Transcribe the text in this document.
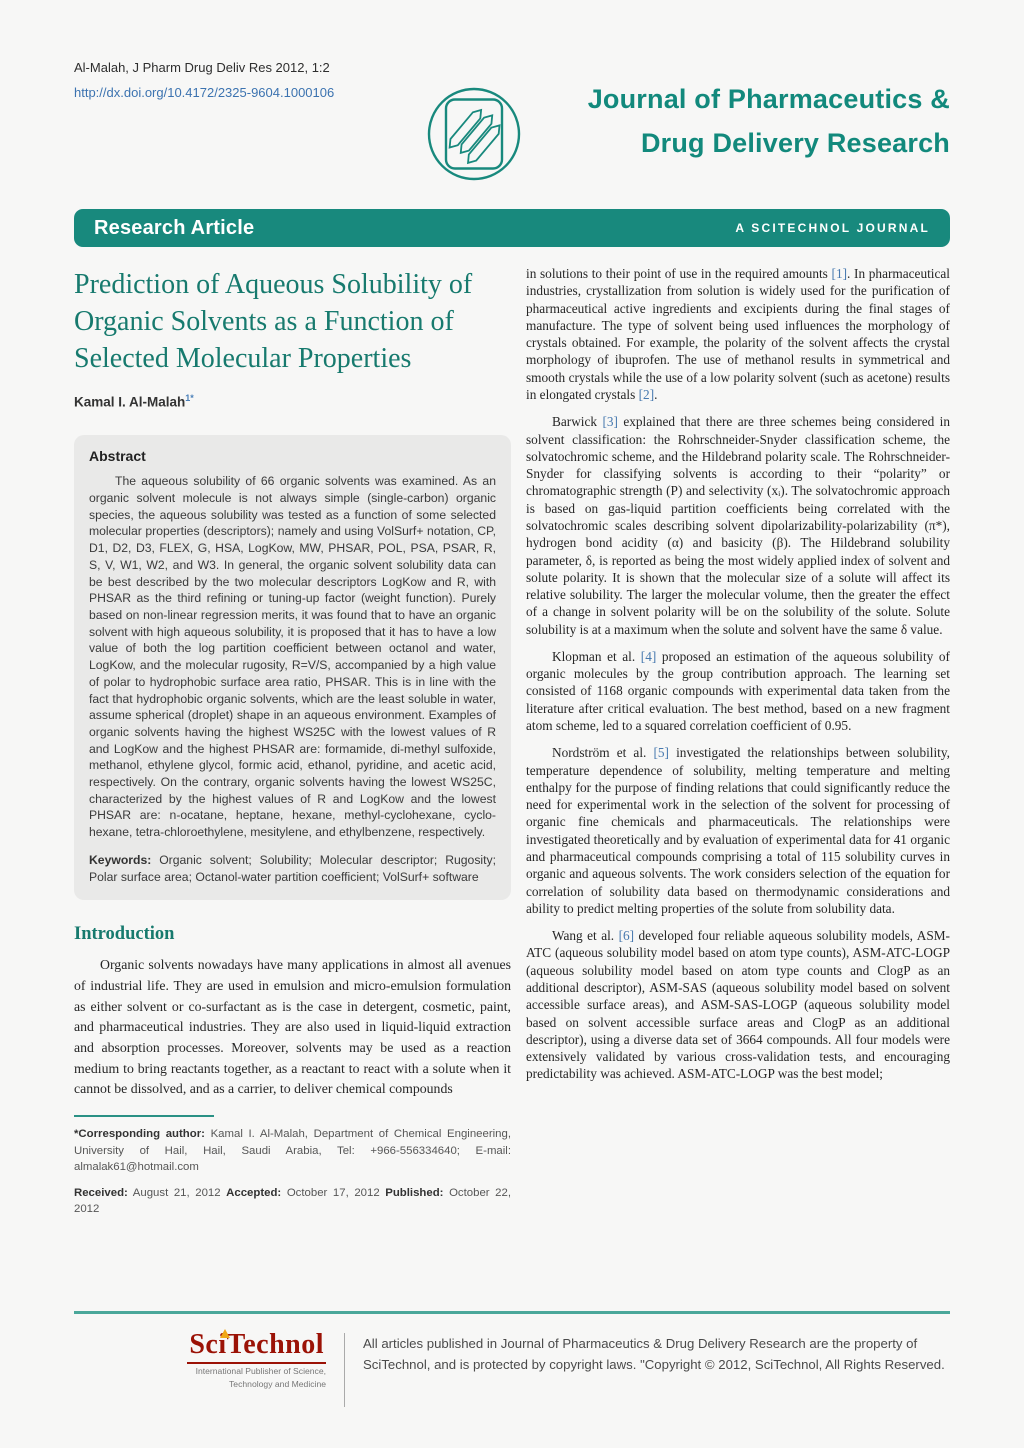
Al-Malah, J Pharm Drug Deliv Res 2012, 1:2
http://dx.doi.org/10.4172/2325-9604.1000106	Journal of Pharmaceutics &
Drug Delivery Research
Research Article	A SCITECHNOL JOURNAL
Prediction of Aqueous Solubility of Organic Solvents as a Function of Selected Molecular Properties
Kamal I. Al-Malah$^{1*}$
Abstract

The aqueous solubility of 66 organic solvents was examined. As an organic solvent molecule is not always simple (single-carbon) organic species, the aqueous solubility was tested as a function of some selected molecular properties (descriptors); namely and using VolSurf+ notation, CP, D1, D2, D3, FLEX, G, HSA, LogKow, MW, PHSAR, POL, PSA, PSAR, R, S, V, W1, W2, and W3. In general, the organic solvent solubility data can be best described by the two molecular descriptors LogKow and R, with PHSAR as the third refining or tuning-up factor (weight function). Purely based on non-linear regression merits, it was found that to have an organic solvent with high aqueous solubility, it is proposed that it has to have a low value of both the log partition coefficient between octanol and water, LogKow, and the molecular rugosity, R=V/S, accompanied by a high value of polar to hydrophobic surface area ratio, PHSAR. This is in line with the fact that hydrophobic organic solvents, which are the least soluble in water, assume spherical (droplet) shape in an aqueous environment. Examples of organic solvents having the highest WS25C with the lowest values of R and LogKow and the highest PHSAR are: formamide, di-methyl sulfoxide, methanol, ethylene glycol, formic acid, ethanol, pyridine, and acetic acid, respectively. On the contrary, organic solvents having the lowest WS25C, characterized by the highest values of R and LogKow and the lowest PHSAR are: n-ocatane, heptane, hexane, methyl-cyclohexane, cyclo-hexane, tetra-chloroethylene, mesitylene, and ethylbenzene, respectively.

Keywords: Organic solvent; Solubility; Molecular descriptor; Rugosity; Polar surface area; Octanol-water partition coefficient; VolSurf+ software

Introduction

Organic solvents nowadays have many applications in almost all avenues of industrial life. They are used in emulsion and micro-emulsion formulation as either solvent or co-surfactant as is the case in detergent, cosmetic, paint, and pharmaceutical industries. They are also used in liquid-liquid extraction and absorption processes. Moreover, solvents may be used as a reaction medium to bring reactants together, as a reactant to react with a solute when it cannot be dissolved, and as a carrier, to deliver chemical compounds

*Corresponding author: Kamal I. Al-Malah, Department of Chemical Engineering, University of Hail, Hail, Saudi Arabia, Tel: +966-556334640; E-mail: almalak61@hotmail.com

Received: August 21, 2012 Accepted: October 17, 2012 Published: October 22, 2012

in solutions to their point of use in the required amounts [1]. In pharmaceutical industries, crystallization from solution is widely used for the purification of pharmaceutical active ingredients and excipients during the final stages of manufacture. The type of solvent being used influences the morphology of crystals obtained. For example, the polarity of the solvent affects the crystal morphology of ibuprofen. The use of methanol results in symmetrical and smooth crystals while the use of a low polarity solvent (such as acetone) results in elongated crystals [2].

Barwick [3] explained that there are three schemes being considered in solvent classification: the Rohrschneider-Snyder classification scheme, the solvatochromic scheme, and the Hildebrand polarity scale. The Rohrschneider-Snyder for classifying solvents is according to their “polarity” or chromatographic strength (P) and selectivity (xᵢ). The solvatochromic approach is based on gas-liquid partition coefficients being correlated with the solvatochromic scales describing solvent dipolarizability-polarizability (π*), hydrogen bond acidity (α) and basicity (β). The Hildebrand solubility parameter, δ, is reported as being the most widely applied index of solvent and solute polarity. It is shown that the molecular size of a solute will affect its relative solubility. The larger the molecular volume, then the greater the effect of a change in solvent polarity will be on the solubility of the solute. Solute solubility is at a maximum when the solute and solvent have the same δ value.

Klopman et al. [4] proposed an estimation of the aqueous solubility of organic molecules by the group contribution approach. The learning set consisted of 1168 organic compounds with experimental data taken from the literature after critical evaluation. The best method, based on a new fragment atom scheme, led to a squared correlation coefficient of 0.95.

Nordström et al. [5] investigated the relationships between solubility, temperature dependence of solubility, melting temperature and melting enthalpy for the purpose of finding relations that could significantly reduce the need for experimental work in the selection of the solvent for processing of organic fine chemicals and pharmaceuticals. The relationships were investigated theoretically and by evaluation of experimental data for 41 organic and pharmaceutical compounds comprising a total of 115 solubility curves in organic and aqueous solvents. The work considers selection of the equation for correlation of solubility data based on thermodynamic considerations and ability to predict melting properties of the solute from solubility data.

Wang et al. [6] developed four reliable aqueous solubility models, ASM-ATC (aqueous solubility model based on atom type counts), ASM-ATC-LOGP (aqueous solubility model based on atom type counts and ClogP as an additional descriptor), ASM-SAS (aqueous solubility model based on solvent accessible surface areas), and ASM-SAS-LOGP (aqueous solubility model based on solvent accessible surface areas and ClogP as an additional descriptor), using a diverse data set of 3664 compounds. All four models were extensively validated by various cross-validation tests, and encouraging predictability was achieved. ASM-ATC-LOGP was the best model;

SciTechnol
International Publisher of Science,
Technology and Medicine

All articles published in Journal of Pharmaceutics & Drug Delivery Research are the property of SciTechnol, and is protected by copyright laws. "Copyright © 2012, SciTechnol, All Rights Reserved.
